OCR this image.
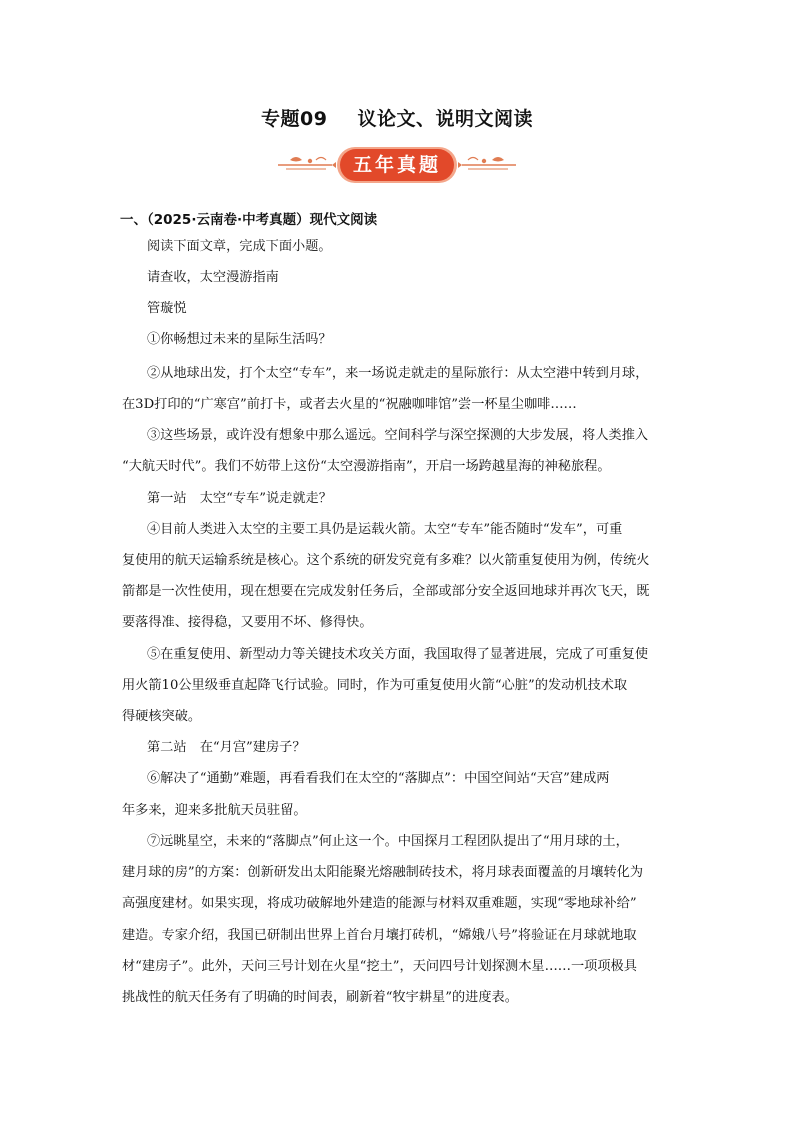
专题09 议论文、说明文阅读
五年真题
一、（2025·云南卷·中考真题）现代文阅读
阅读下面文章，完成下面小题。
请查收，太空漫游指南
管璇悦
①你畅想过未来的星际生活吗？
②从地球出发，打个太空“专车”，来一场说走就走的星际旅行：从太空港中转到月球，
在3D打印的“广寒宫”前打卡，或者去火星的“祝融咖啡馆”尝一杯星尘咖啡……
③这些场景，或许没有想象中那么遥远。空间科学与深空探测的大步发展，将人类推入
“大航天时代”。我们不妨带上这份“太空漫游指南”，开启一场跨越星海的神秘旅程。
第一站　太空“专车”说走就走？
④目前人类进入太空的主要工具仍是运载火箭。太空“专车”能否随时“发车”，可重
复使用的航天运输系统是核心。这个系统的研发究竟有多难？以火箭重复使用为例，传统火
箭都是一次性使用，现在想要在完成发射任务后，全部或部分安全返回地球并再次飞天，既
要落得准、接得稳，又要用不坏、修得快。
⑤在重复使用、新型动力等关键技术攻关方面，我国取得了显著进展，完成了可重复使
用火箭10公里级垂直起降飞行试验。同时，作为可重复使用火箭“心脏”的发动机技术取
得硬核突破。
第二站　在“月宫”建房子？
⑥解决了“通勤”难题，再看看我们在太空的“落脚点”：中国空间站“天宫”建成两
年多来，迎来多批航天员驻留。
⑦远眺星空，未来的“落脚点”何止这一个。中国探月工程团队提出了“用月球的土，
建月球的房”的方案：创新研发出太阳能聚光熔融制砖技术，将月球表面覆盖的月壤转化为
高强度建材。如果实现，将成功破解地外建造的能源与材料双重难题，实现“零地球补给”
建造。专家介绍，我国已研制出世界上首台月壤打砖机，“嫦娥八号”将验证在月球就地取
材“建房子”。此外，天问三号计划在火星“挖土”，天问四号计划探测木星……一项项极具
挑战性的航天任务有了明确的时间表，刷新着“牧宇耕星”的进度表。
